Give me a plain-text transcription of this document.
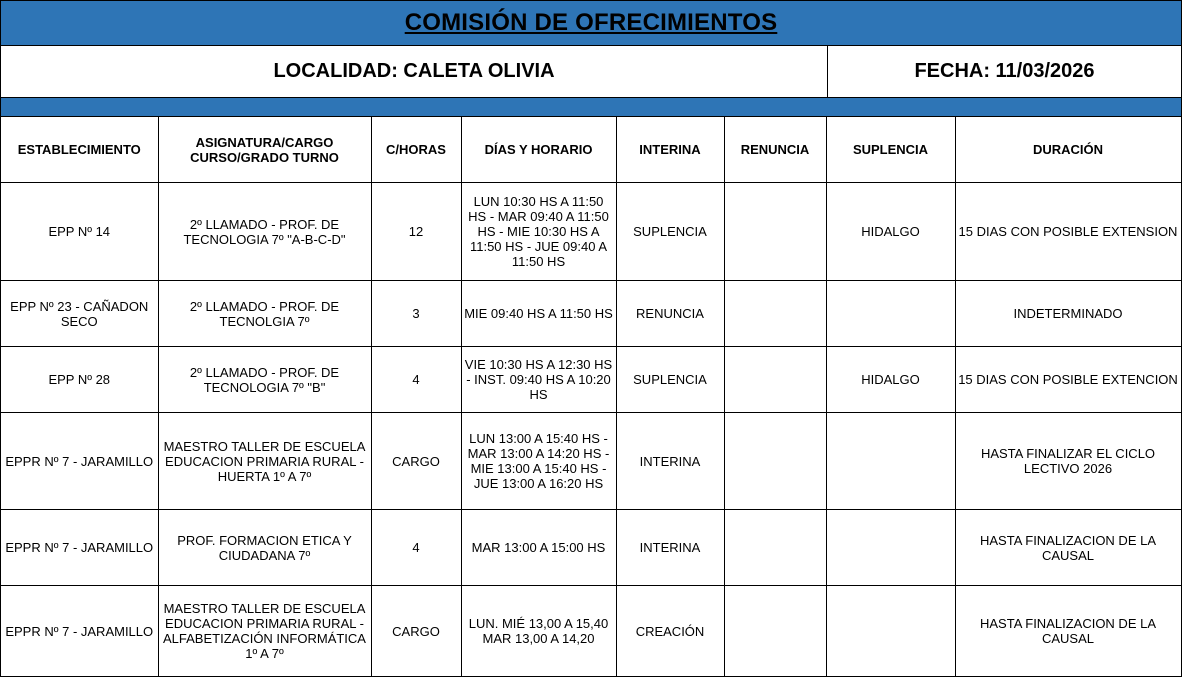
COMISIÓN DE OFRECIMIENTOS
LOCALIDAD: CALETA OLIVIA	FECHA: 11/03/2026
ESTABLECIMIENTO	ASIGNATURA/CARGO CURSO/GRADO TURNO	C/HORAS	DÍAS Y HORARIO	INTERINA	RENUNCIA	SUPLENCIA	DURACIÓN
EPP Nº 14	2º LLAMADO - PROF. DE TECNOLOGIA 7º "A-B-C-D"	12	LUN 10:30 HS A 11:50 HS - MAR 09:40 A 11:50 HS - MIE 10:30 HS A 11:50 HS - JUE 09:40 A 11:50 HS	SUPLENCIA		HIDALGO	15 DIAS CON POSIBLE EXTENSION
EPP Nº 23 - CAÑADON SECO	2º LLAMADO - PROF. DE TECNOLGIA 7º	3	MIE 09:40 HS A 11:50 HS	RENUNCIA			INDETERMINADO
EPP Nº 28	2º LLAMADO - PROF. DE TECNOLOGIA 7º "B"	4	VIE 10:30 HS A 12:30 HS - INST. 09:40 HS A 10:20 HS	SUPLENCIA		HIDALGO	15 DIAS CON POSIBLE EXTENCION
EPPR Nº 7 - JARAMILLO	MAESTRO TALLER DE ESCUELA EDUCACION PRIMARIA RURAL - HUERTA 1º A 7º	CARGO	LUN 13:00 A 15:40 HS - MAR 13:00 A 14:20 HS - MIE 13:00 A 15:40 HS - JUE 13:00 A 16:20 HS	INTERINA			HASTA FINALIZAR EL CICLO LECTIVO 2026
EPPR Nº 7 - JARAMILLO	PROF. FORMACION ETICA Y CIUDADANA 7º	4	MAR 13:00 A 15:00 HS	INTERINA			HASTA FINALIZACION DE LA CAUSAL
EPPR Nº 7 - JARAMILLO	MAESTRO TALLER DE ESCUELA EDUCACION PRIMARIA RURAL - ALFABETIZACIÓN INFORMÁTICA 1º A 7º	CARGO	LUN. MIÉ 13,00 A 15,40 MAR 13,00 A 14,20	CREACIÓN			HASTA FINALIZACION DE LA CAUSAL
